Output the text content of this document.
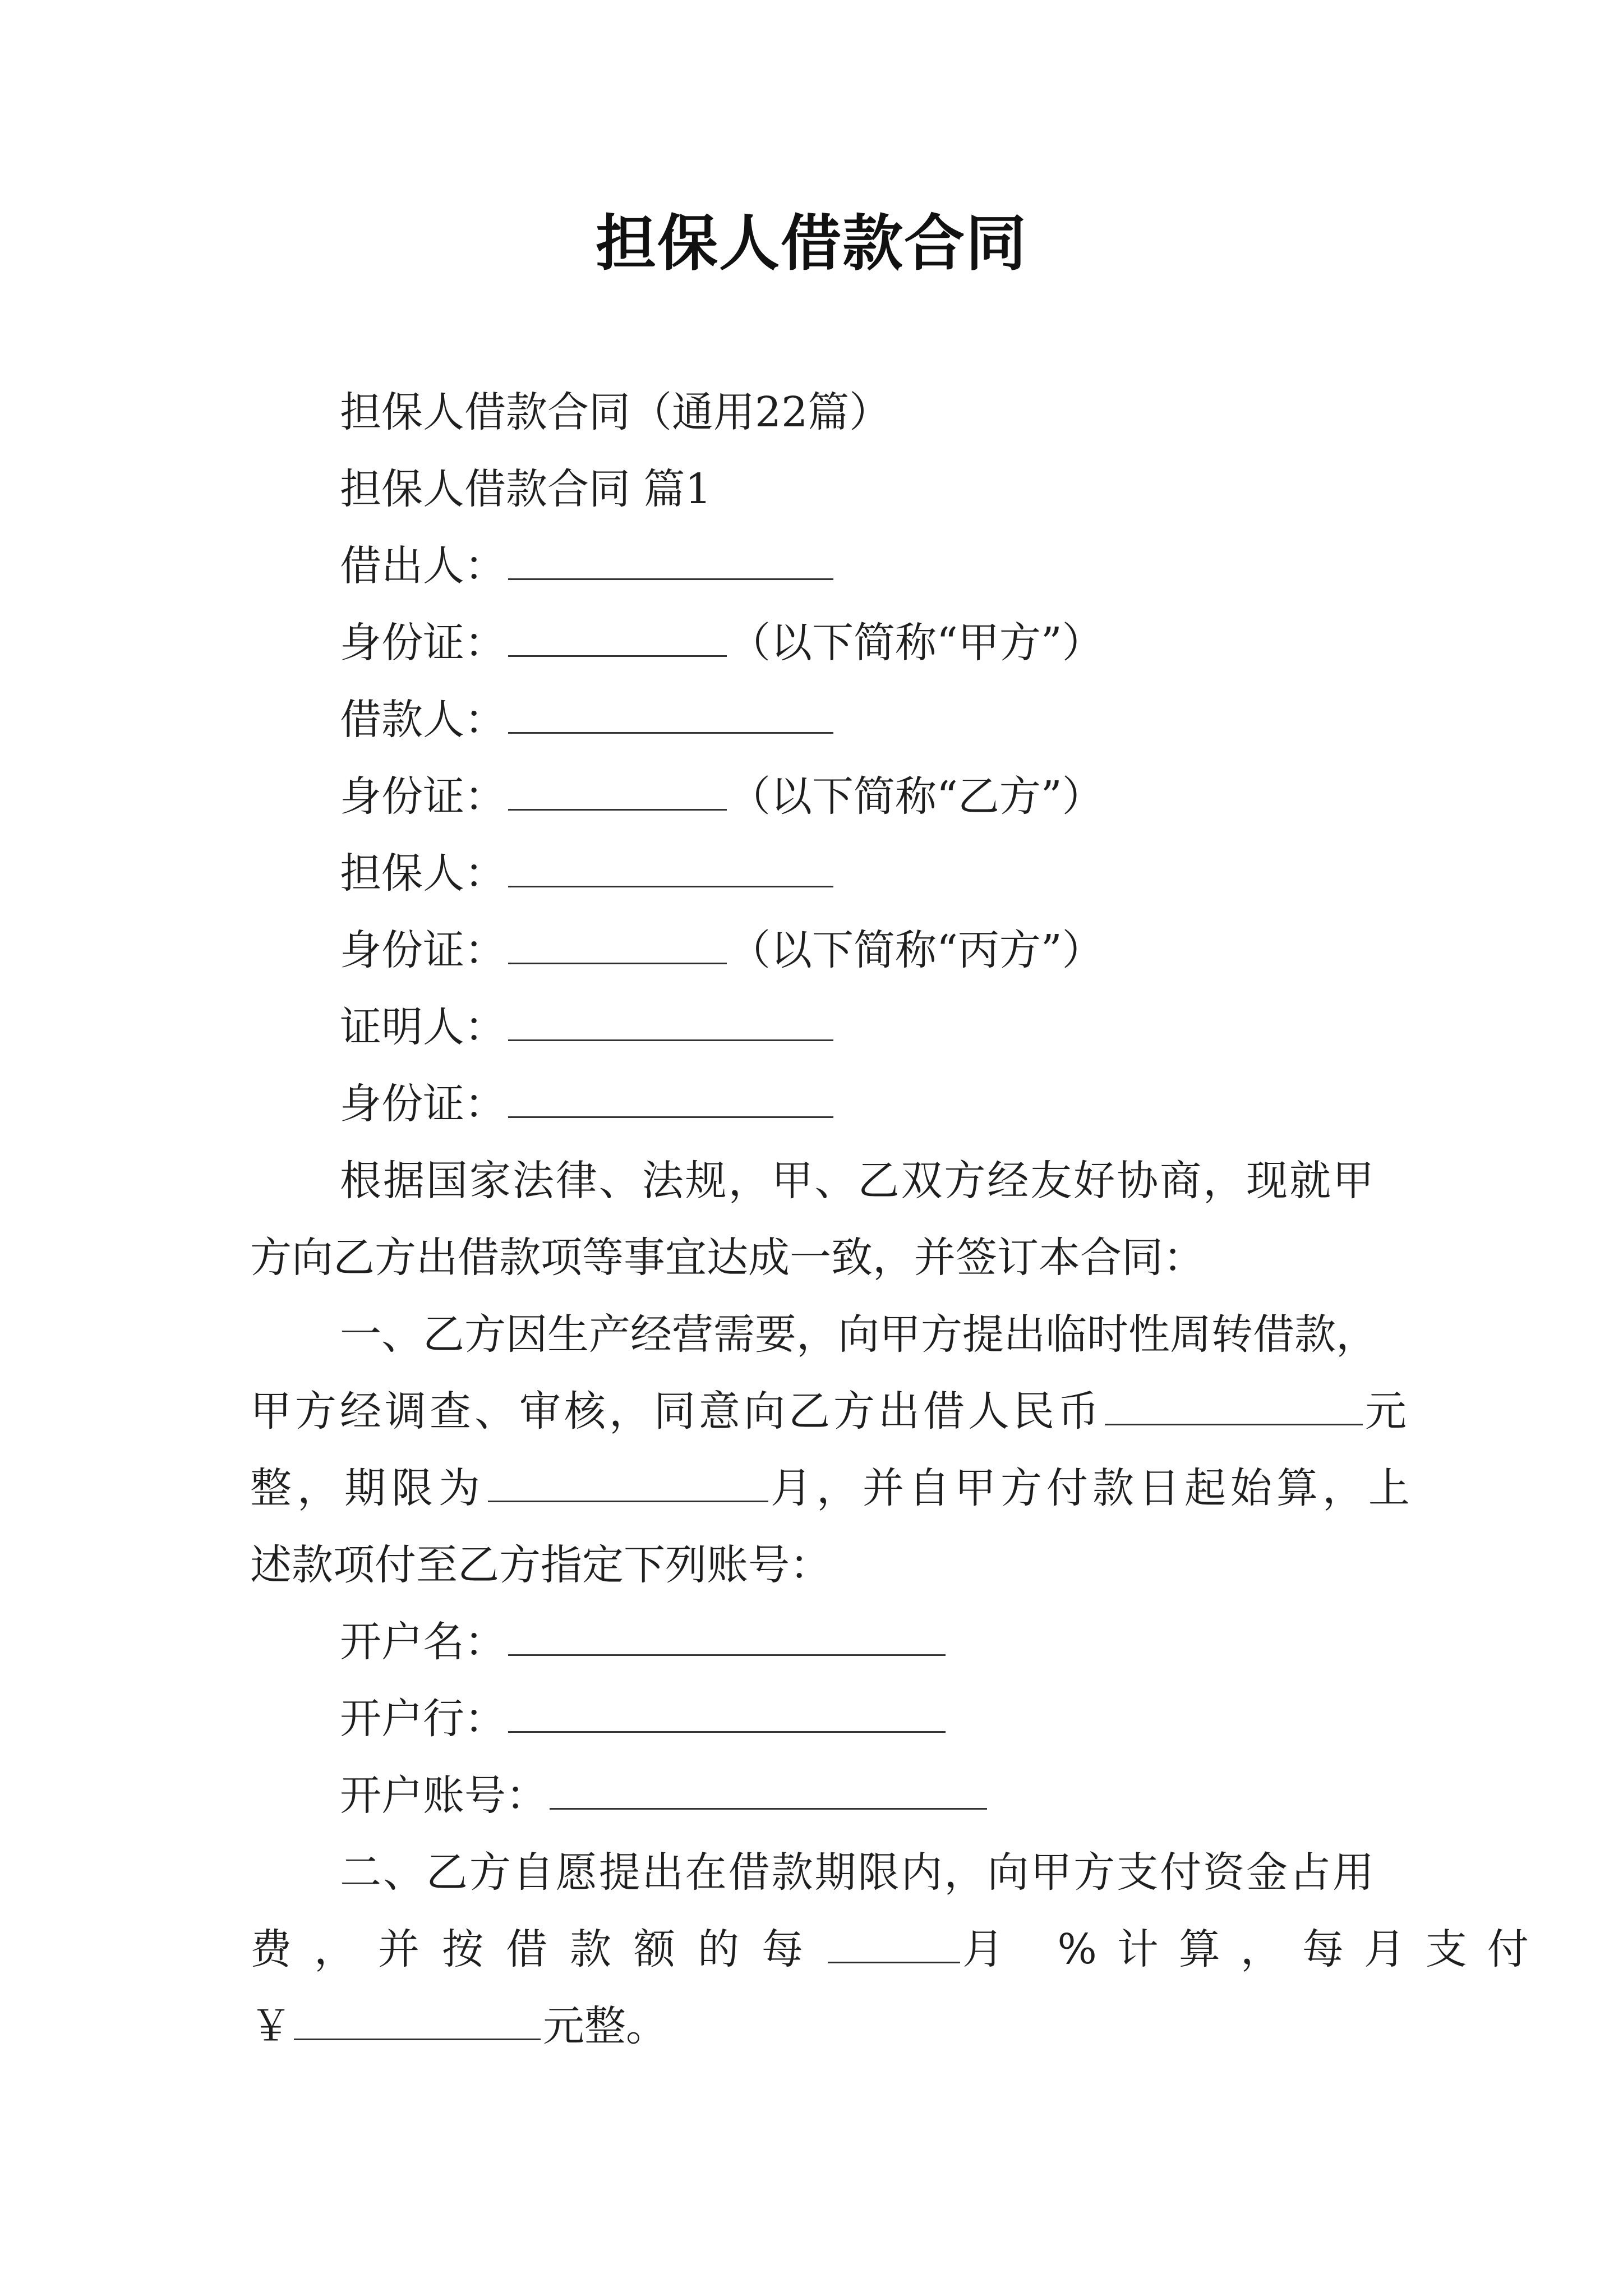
担保人借款合同
担保人借款合同（通用22篇）
担保人借款合同 篇1
借出人：
身份证：	（以下简称“甲方”）
借款人：
身份证：	（以下简称“乙方”）
担保人：
身份证：	（以下简称“丙方”）
证明人：
身份证：
根据国家法律、法规，甲、乙双方经友好协商，现就甲
方向乙方出借款项等事宜达成一致，并签订本合同：
一、乙方因生产经营需要，向甲方提出临时性周转借款，
甲方经调查、审核，同意向乙方出借人民币	元
整，期限为	月，并自甲方付款日起始算，上
述款项付至乙方指定下列账号：
开户名：
开户行：
开户账号：
二、乙方自愿提出在借款期限内，向甲方支付资金占用
费，并按借款额的每	月 %计算，每月支付
￥	元整。
